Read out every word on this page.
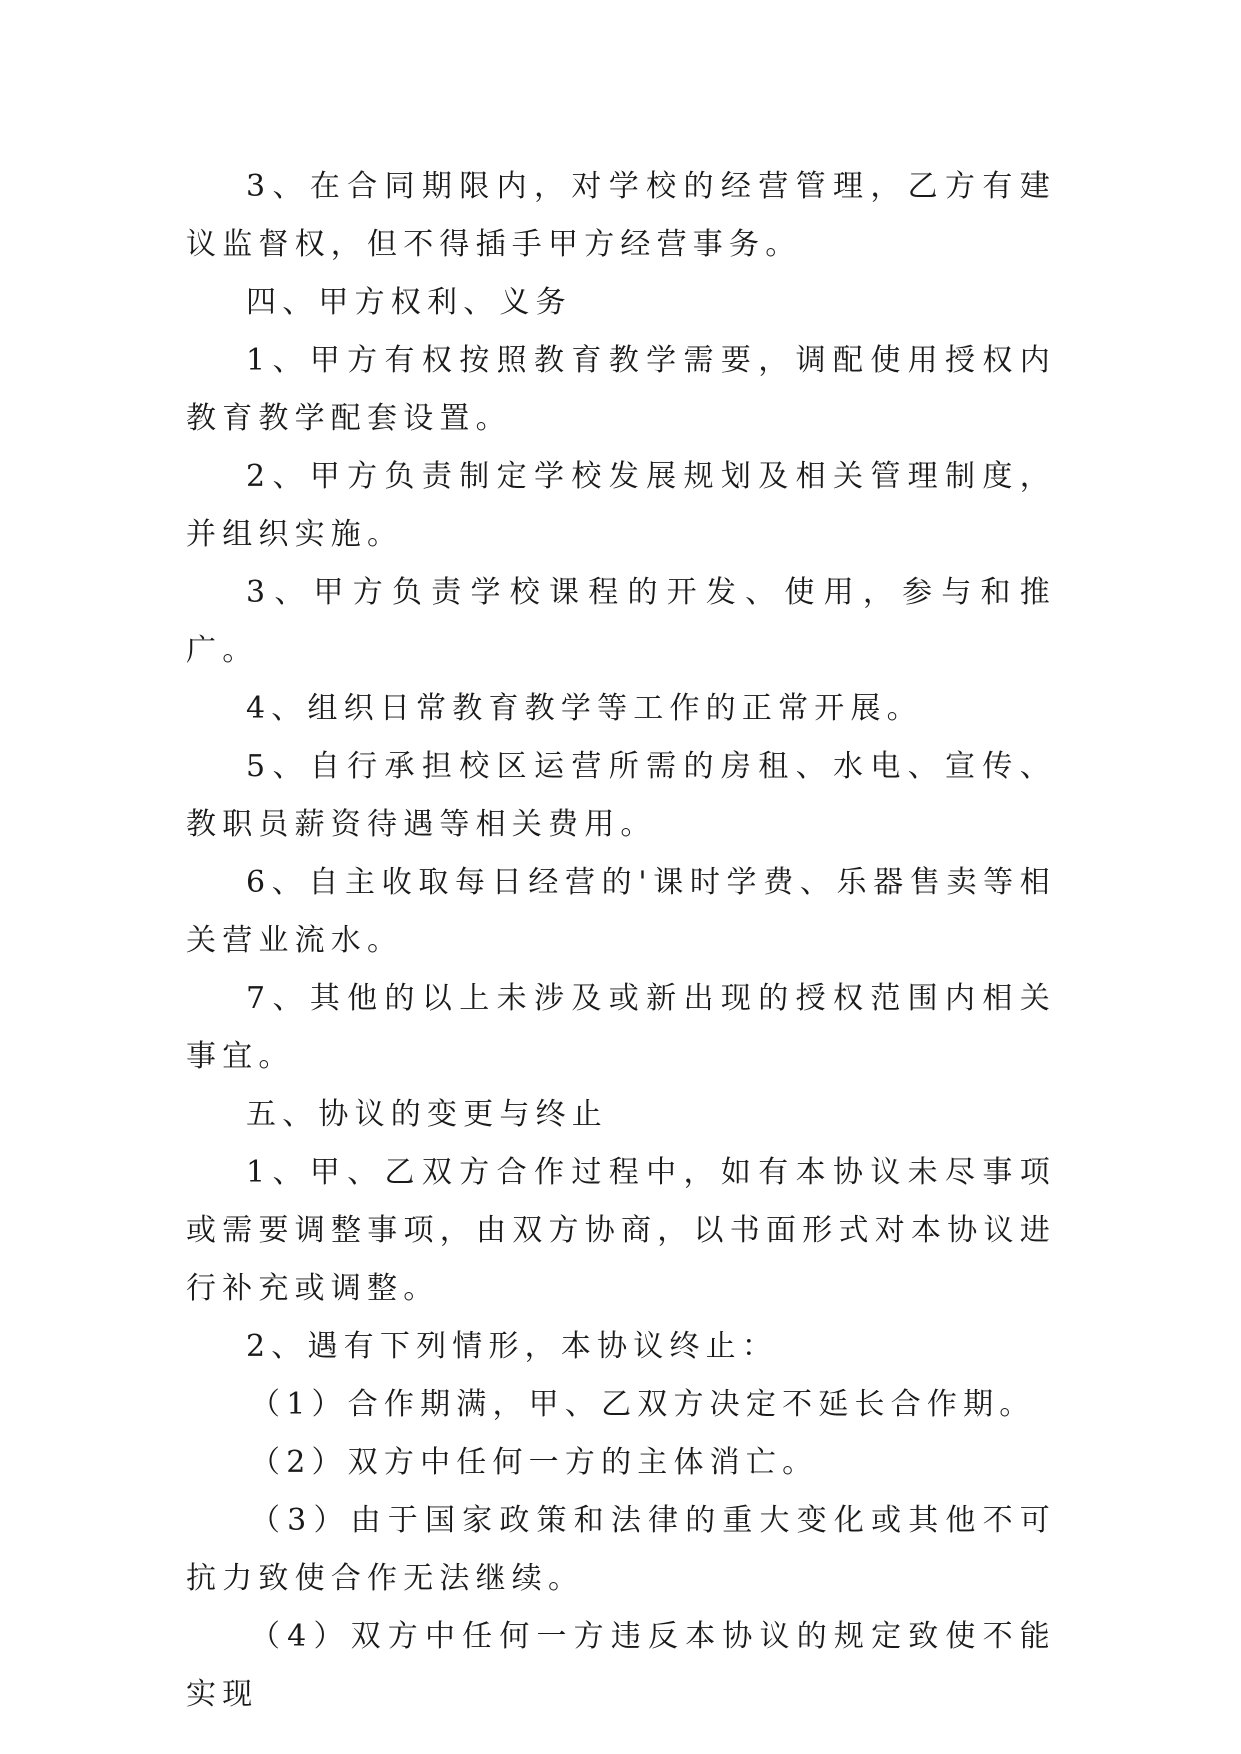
3、在合同期限内，对学校的经营管理，乙方有建议监督权，但不得插手甲方经营事务。

四、甲方权利、义务

1、甲方有权按照教育教学需要，调配使用授权内教育教学配套设置。

2、甲方负责制定学校发展规划及相关管理制度，并组织实施。

3、甲方负责学校课程的开发、使用，参与和推广。

4、组织日常教育教学等工作的正常开展。

5、自行承担校区运营所需的房租、水电、宣传、教职员薪资待遇等相关费用。

6、自主收取每日经营的'课时学费、乐器售卖等相关营业流水。

7、其他的以上未涉及或新出现的授权范围内相关事宜。

五、协议的变更与终止

1、甲、乙双方合作过程中，如有本协议未尽事项或需要调整事项，由双方协商，以书面形式对本协议进行补充或调整。

2、遇有下列情形，本协议终止：

（1）合作期满，甲、乙双方决定不延长合作期。

（2）双方中任何一方的主体消亡。

（3）由于国家政策和法律的重大变化或其他不可抗力致使合作无法继续。

（4）双方中任何一方违反本协议的规定致使不能实现
